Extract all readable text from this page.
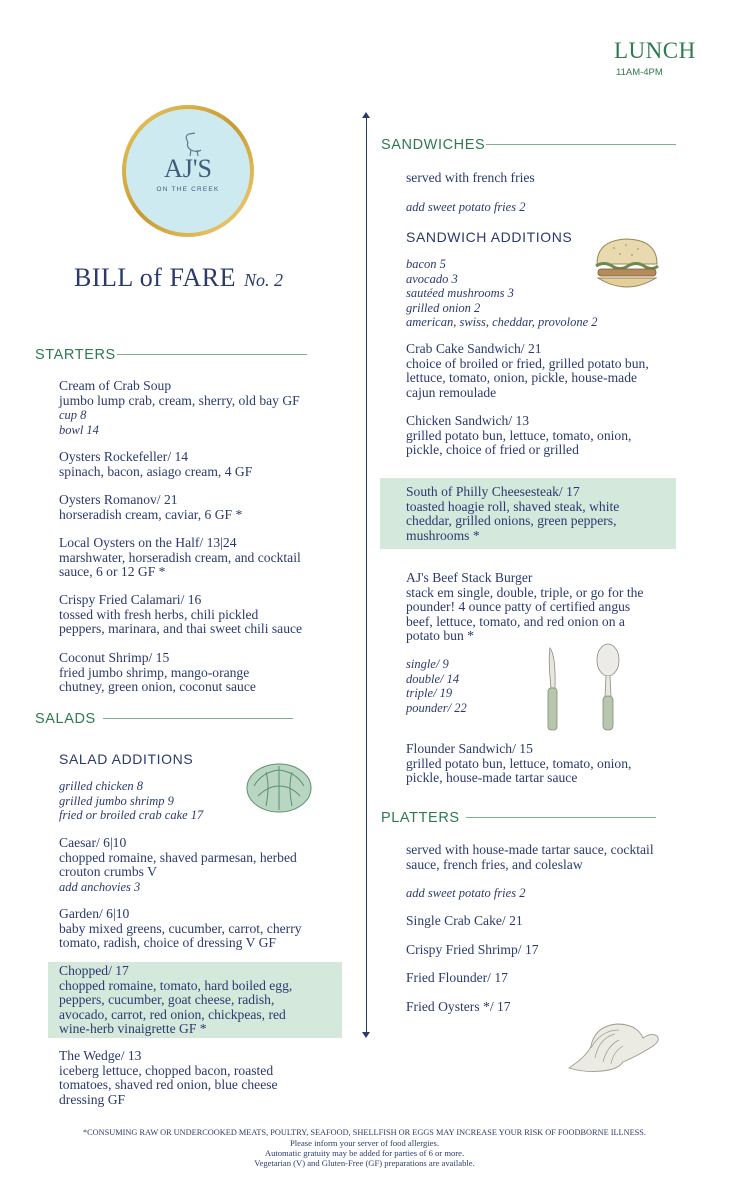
LUNCH
11AM-4PM
AJ'S
ON THE CREEK
BILL of FARE No. 2
STARTERS
Cream of Crab Soup
jumbo lump crab, cream, sherry, old bay GF
cup 8
bowl 14
Oysters Rockefeller/ 14
spinach, bacon, asiago cream, 4 GF
Oysters Romanov/ 21
horseradish cream, caviar, 6 GF *
Local Oysters on the Half/ 13|24
marshwater, horseradish cream, and cocktail
sauce, 6 or 12 GF *
Crispy Fried Calamari/ 16
tossed with fresh herbs, chili pickled
peppers, marinara, and thai sweet chili sauce
Coconut Shrimp/ 15
fried jumbo shrimp, mango-orange
chutney, green onion, coconut sauce
SALADS
SALAD ADDITIONS
grilled chicken 8
grilled jumbo shrimp 9
fried or broiled crab cake 17
Caesar/ 6|10
chopped romaine, shaved parmesan, herbed
crouton crumbs V
add anchovies 3
Garden/ 6|10
baby mixed greens, cucumber, carrot, cherry
tomato, radish, choice of dressing V GF
Chopped/ 17
chopped romaine, tomato, hard boiled egg,
peppers, cucumber, goat cheese, radish,
avocado, carrot, red onion, chickpeas, red
wine-herb vinaigrette GF *
The Wedge/ 13
iceberg lettuce, chopped bacon, roasted
tomatoes, shaved red onion, blue cheese
dressing GF
SANDWICHES
served with french fries
add sweet potato fries 2
SANDWICH ADDITIONS
bacon 5
avocado 3
sautéed mushrooms 3
grilled onion 2
american, swiss, cheddar, provolone 2
Crab Cake Sandwich/ 21
choice of broiled or fried, grilled potato bun,
lettuce, tomato, onion, pickle, house-made
cajun remoulade
Chicken Sandwich/ 13
grilled potato bun, lettuce, tomato, onion,
pickle, choice of fried or grilled
South of Philly Cheesesteak/ 17
toasted hoagie roll, shaved steak, white
cheddar, grilled onions, green peppers,
mushrooms *
AJ's Beef Stack Burger
stack em single, double, triple, or go for the
pounder! 4 ounce patty of certified angus
beef, lettuce, tomato, and red onion on a
potato bun *
single/ 9
double/ 14
triple/ 19
pounder/ 22
Flounder Sandwich/ 15
grilled potato bun, lettuce, tomato, onion,
pickle, house-made tartar sauce
PLATTERS
served with house-made tartar sauce, cocktail
sauce, french fries, and coleslaw
add sweet potato fries 2
Single Crab Cake/ 21
Crispy Fried Shrimp/ 17
Fried Flounder/ 17
Fried Oysters */ 17
*CONSUMING RAW OR UNDERCOOKED MEATS, POULTRY, SEAFOOD, SHELLFISH OR EGGS MAY INCREASE YOUR RISK OF FOODBORNE ILLNESS.
Please inform your server of food allergies.
Automatic gratuity may be added for parties of 6 or more.
Vegetarian (V) and Gluten-Free (GF) preparations are available.
